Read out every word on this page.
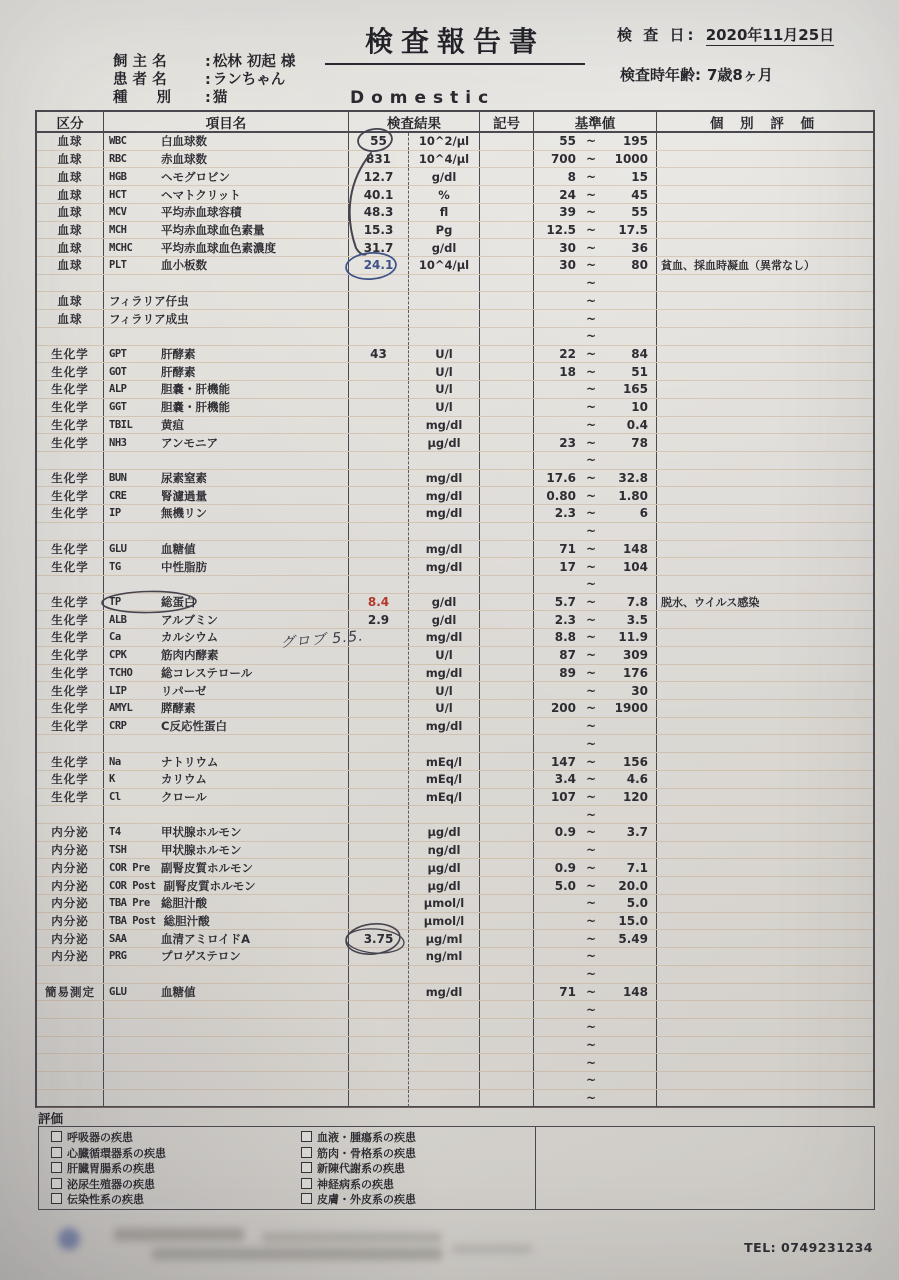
検査報告書	検 査 日: 2020年11月25日
飼 主 名	: 松林 初起 様
患 者 名	: ランちゃん
種　　別 : 猫
検査時年齢: 7歳8ヶ月
Domestic
区分	項目名	検査結果	記号	基準値	個 別 評 価
血球	WBC	白血球数	55	10^2/μl	55 ~	195
血球	RBC	赤血球数	831	10^4/μl	700 ~	1000
血球	HGB	ヘモグロビン	12.7	g/dl	8 ~	15
血球	HCT	ヘマトクリット	40.1	%	24 ~	45
血球	MCV	平均赤血球容積	48.3	fl	39 ~	55
血球	MCH	平均赤血球血色素量	15.3	Pg	12.5 ~	17.5
血球	MCHC	平均赤血球血色素濃度	31.7	g/dl	30 ~	36
血球	PLT	血小板数	24.1	10^4/μl	30 ~	80	貧血、採血時凝血（異常なし）
~
血球	フィラリア仔虫	~
血球	フィラリア成虫	~
~
生化学	GPT	肝酵素	43	U/l	22 ~	84
生化学	GOT	肝酵素	U/l	18 ~	51
生化学	ALP	胆嚢・肝機能	U/l	~	165
生化学	GGT	胆嚢・肝機能	U/l	~	10
生化学	TBIL	黄疸	mg/dl	~	0.4
生化学	NH3	アンモニア	μg/dl	23 ~	78
~
生化学	BUN	尿素窒素	mg/dl	17.6 ~	32.8
生化学	CRE	腎濾過量	mg/dl	0.80 ~	1.80
生化学	IP	無機リン	mg/dl	2.3 ~	6
~
生化学	GLU	血糖値	mg/dl	71 ~	148
生化学	TG	中性脂肪	mg/dl	17 ~	104
~
生化学	TP	総蛋白	8.4	g/dl	5.7 ~	7.8	脱水、ウイルス感染
生化学	ALB	アルブミン	2.9	g/dl	2.3 ~	3.5
生化学	Ca	カルシウム	mg/dl	8.8 ~	11.9
生化学	CPK	筋肉内酵素	U/l	87 ~	309
生化学	TCHO	総コレステロール	mg/dl	89 ~	176
生化学	LIP	リパーゼ	U/l	~	30
生化学	AMYL	膵酵素	U/l	200 ~	1900
生化学	CRP	C反応性蛋白	mg/dl	~
~
生化学	Na	ナトリウム	mEq/l	147 ~	156
生化学	K	カリウム	mEq/l	3.4 ~	4.6
生化学	Cl	クロール	mEq/l	107 ~	120
~
内分泌	T4	甲状腺ホルモン	μg/dl	0.9 ~	3.7
内分泌	TSH	甲状腺ホルモン	ng/dl	~
内分泌	COR Pre 副腎皮質ホルモン	μg/dl	0.9 ~	7.1
内分泌	COR Post 副腎皮質ホルモン	μg/dl	5.0 ~	20.0
内分泌	TBA Pre 総胆汁酸	μmol/l	~	5.0
内分泌	TBA Post 総胆汁酸	μmol/l	~	15.0
内分泌	SAA	血清アミロイドA	3.75	μg/ml	~	5.49
内分泌	PRG	プロゲステロン	ng/ml	~
~
簡易測定	GLU	血糖値	mg/dl	71 ~	148
~
~
~
~
~
~
グロブ 5.5.
評価
呼吸器の疾患
心臓循環器系の疾患
肝臓胃腸系の疾患
泌尿生殖器の疾患
伝染性系の疾患
血液・腫瘍系の疾患
筋肉・骨格系の疾患
新陳代謝系の疾患
神経病系の疾患
皮膚・外皮系の疾患
TEL: 0749231234
